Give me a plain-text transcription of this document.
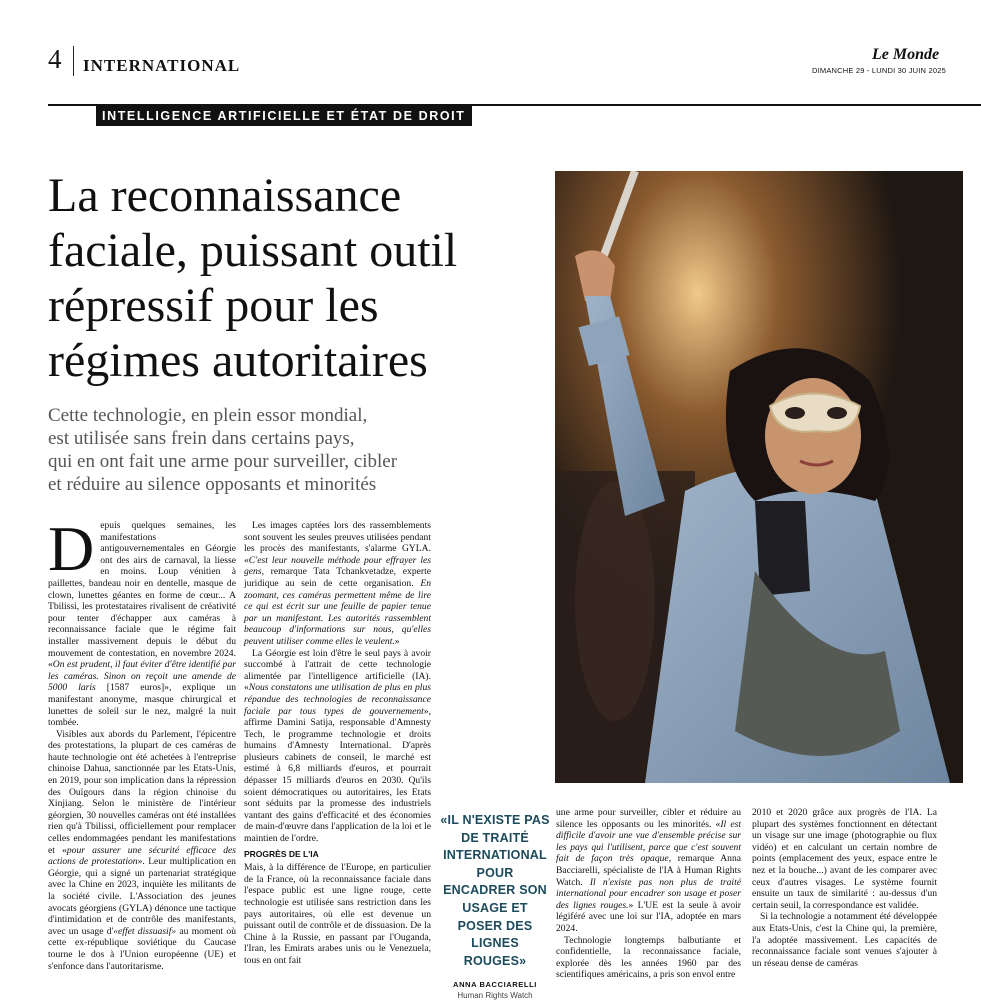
4 INTERNATIONAL
Le Monde
DIMANCHE 29 - LUNDI 30 JUIN 2025
INTELLIGENCE ARTIFICIELLE ET ÉTAT DE DROIT
La reconnaissance
faciale, puissant outil
répressif pour les
régimes autoritaires
Cette technologie, en plein essor mondial,
est utilisée sans frein dans certains pays,
qui en ont fait une arme pour surveiller, cibler
et réduire au silence opposants et minorités

Depuis quelques semaines, les manifestations antigouvernementales en Géorgie ont des airs de carnaval, la liesse en moins. Loup vénitien à paillettes, bandeau noir en dentelle, masque de clown, lunettes géantes en forme de cœur... A Tbilissi, les protestataires rivalisent de créativité pour tenter d'échapper aux caméras à reconnaissance faciale que le régime fait installer massivement depuis le début du mouvement de contestation, en novembre 2024. «On est prudent, il faut éviter d'être identifié par les caméras. Sinon on reçoit une amende de 5000 laris [1587 euros]», explique un manifestant anonyme, masque chirurgical et lunettes de soleil sur le nez, malgré la nuit tombée.

Visibles aux abords du Parlement, l'épicentre des protestations, la plupart de ces caméras de haute technologie ont été achetées à l'entreprise chinoise Dahua, sanctionnée par les Etats-Unis, en 2019, pour son implication dans la répression des Ouïgours dans la région chinoise du Xinjiang. Selon le ministère de l'intérieur géorgien, 30 nouvelles caméras ont été installées rien qu'à Tbilissi, officiellement pour remplacer celles endommagées pendant les manifestations et «pour assurer une sécurité efficace des actions de protestation». Leur multiplication en Géorgie, qui a signé un partenariat stratégique avec la Chine en 2023, inquiète les militants de la société civile. L'Association des jeunes avocats géorgiens (GYLA) dénonce une tactique d'intimidation et de contrôle des manifestants, avec un usage d'«effet dissuasif» au moment où cette ex-république soviétique du Caucase tourne le dos à l'Union européenne (UE) et s'enfonce dans l'autoritarisme.

Les images captées lors des rassemblements sont souvent les seules preuves utilisées pendant les procès des manifestants, s'alarme GYLA. «C'est leur nouvelle méthode pour effrayer les gens, remarque Tata Tchankvetadze, experte juridique au sein de cette organisation. En zoomant, ces caméras permettent même de lire ce qui est écrit sur une feuille de papier tenue par un manifestant. Les autorités rassemblent beaucoup d'informations sur nous, qu'elles peuvent utiliser comme elles le veulent.»

La Géorgie est loin d'être le seul pays à avoir succombé à l'attrait de cette technologie alimentée par l'intelligence artificielle (IA). «Nous constatons une utilisation de plus en plus répandue des technologies de reconnaissance faciale par tous types de gouvernement», affirme Damini Satija, responsable d'Amnesty Tech, le programme technologie et droits humains d'Amnesty International. D'après plusieurs cabinets de conseil, le marché est estimé à 6,8 milliards d'euros, et pourrait dépasser 15 milliards d'euros en 2030. Qu'ils soient démocratiques ou autoritaires, les Etats sont séduits par la promesse des industriels vantant des gains d'efficacité et des économies de main-d'œuvre dans l'application de la loi et le maintien de l'ordre.

PROGRÈS DE L'IA

Mais, à la différence de l'Europe, en particulier de la France, où la reconnaissance faciale dans l'espace public est une ligne rouge, cette technologie est utilisée sans restriction dans les pays autoritaires, où elle est devenue un puissant outil de contrôle et de dissuasion. De la Chine à la Russie, en passant par l'Ouganda, l'Iran, les Emirats arabes unis ou le Venezuela, tous en ont fait

«IL N'EXISTE PAS DE TRAITÉ INTERNATIONAL POUR ENCADRER SON USAGE ET POSER DES LIGNES ROUGES»
ANNA BACCIARELLI
Human Rights Watch

une arme pour surveiller, cibler et réduire au silence les opposants ou les minorités. «Il est difficile d'avoir une vue d'ensemble précise sur les pays qui l'utilisent, parce que c'est souvent fait de façon très opaque, remarque Anna Bacciarelli, spécialiste de l'IA à Human Rights Watch. Il n'existe pas non plus de traité international pour encadrer son usage et poser des lignes rouges.» L'UE est la seule à avoir légiféré avec une loi sur l'IA, adoptée en mars 2024.

Technologie longtemps balbutiante et confidentielle, la reconnaissance faciale, explorée dès les années 1960 par des scientifiques américains, a pris son envol entre

2010 et 2020 grâce aux progrès de l'IA. La plupart des systèmes fonctionnent en détectant un visage sur une image (photographie ou flux vidéo) et en calculant un certain nombre de points (emplacement des yeux, espace entre le nez et la bouche...) avant de les comparer avec ceux d'autres visages. Le système fournit ensuite un taux de similarité : au-dessus d'un certain seuil, la correspondance est validée.

Si la technologie a notamment été développée aux Etats-Unis, c'est la Chine qui, la première, l'a adoptée massivement. Les capacités de reconnaissance faciale sont venues s'ajouter à un réseau dense de caméras
